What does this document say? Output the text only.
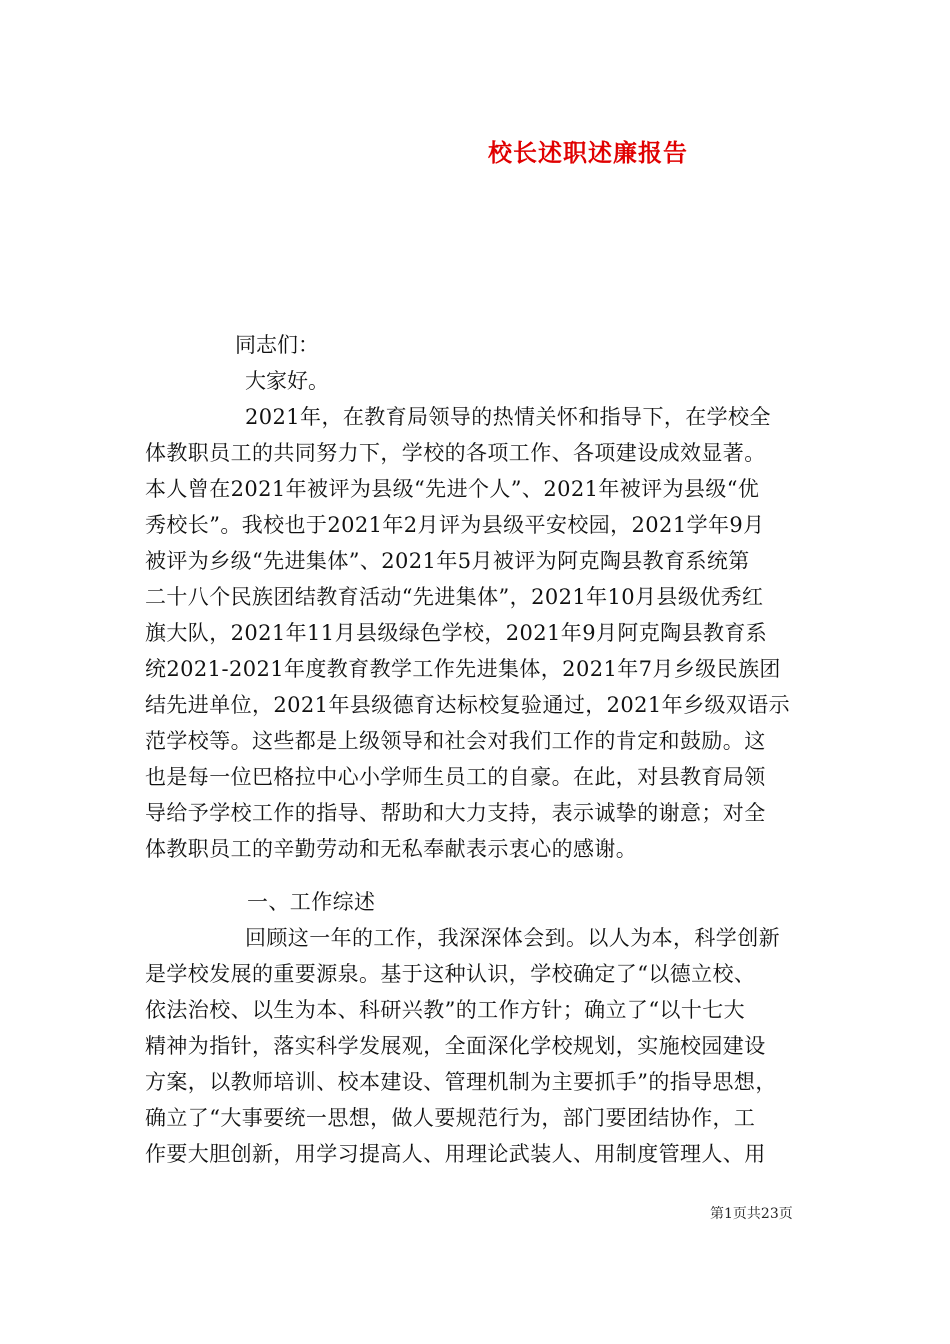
校长述职述廉报告
同志们：
大家好。
2021年，在教育局领导的热情关怀和指导下，在学校全
体教职员工的共同努力下，学校的各项工作、各项建设成效显著。
本人曾在2021年被评为县级“先进个人”、2021年被评为县级“优
秀校长”。我校也于2021年2月评为县级平安校园，2021学年9月
被评为乡级“先进集体”、2021年5月被评为阿克陶县教育系统第
二十八个民族团结教育活动“先进集体”，2021年10月县级优秀红
旗大队，2021年11月县级绿色学校，2021年9月阿克陶县教育系
统2021-2021年度教育教学工作先进集体，2021年7月乡级民族团
结先进单位，2021年县级德育达标校复验通过，2021年乡级双语示
范学校等。这些都是上级领导和社会对我们工作的肯定和鼓励。这
也是每一位巴格拉中心小学师生员工的自豪。在此，对县教育局领
导给予学校工作的指导、帮助和大力支持，表示诚挚的谢意；对全
体教职员工的辛勤劳动和无私奉献表示衷心的感谢。
一、工作综述
回顾这一年的工作，我深深体会到。以人为本，科学创新
是学校发展的重要源泉。基于这种认识，学校确定了“以德立校、
依法治校、以生为本、科研兴教”的工作方针；确立了“以十七大
精神为指针，落实科学发展观，全面深化学校规划，实施校园建设
方案，以教师培训、校本建设、管理机制为主要抓手”的指导思想，
确立了“大事要统一思想，做人要规范行为，部门要团结协作，工
作要大胆创新，用学习提高人、用理论武装人、用制度管理人、用
第1页共23页
